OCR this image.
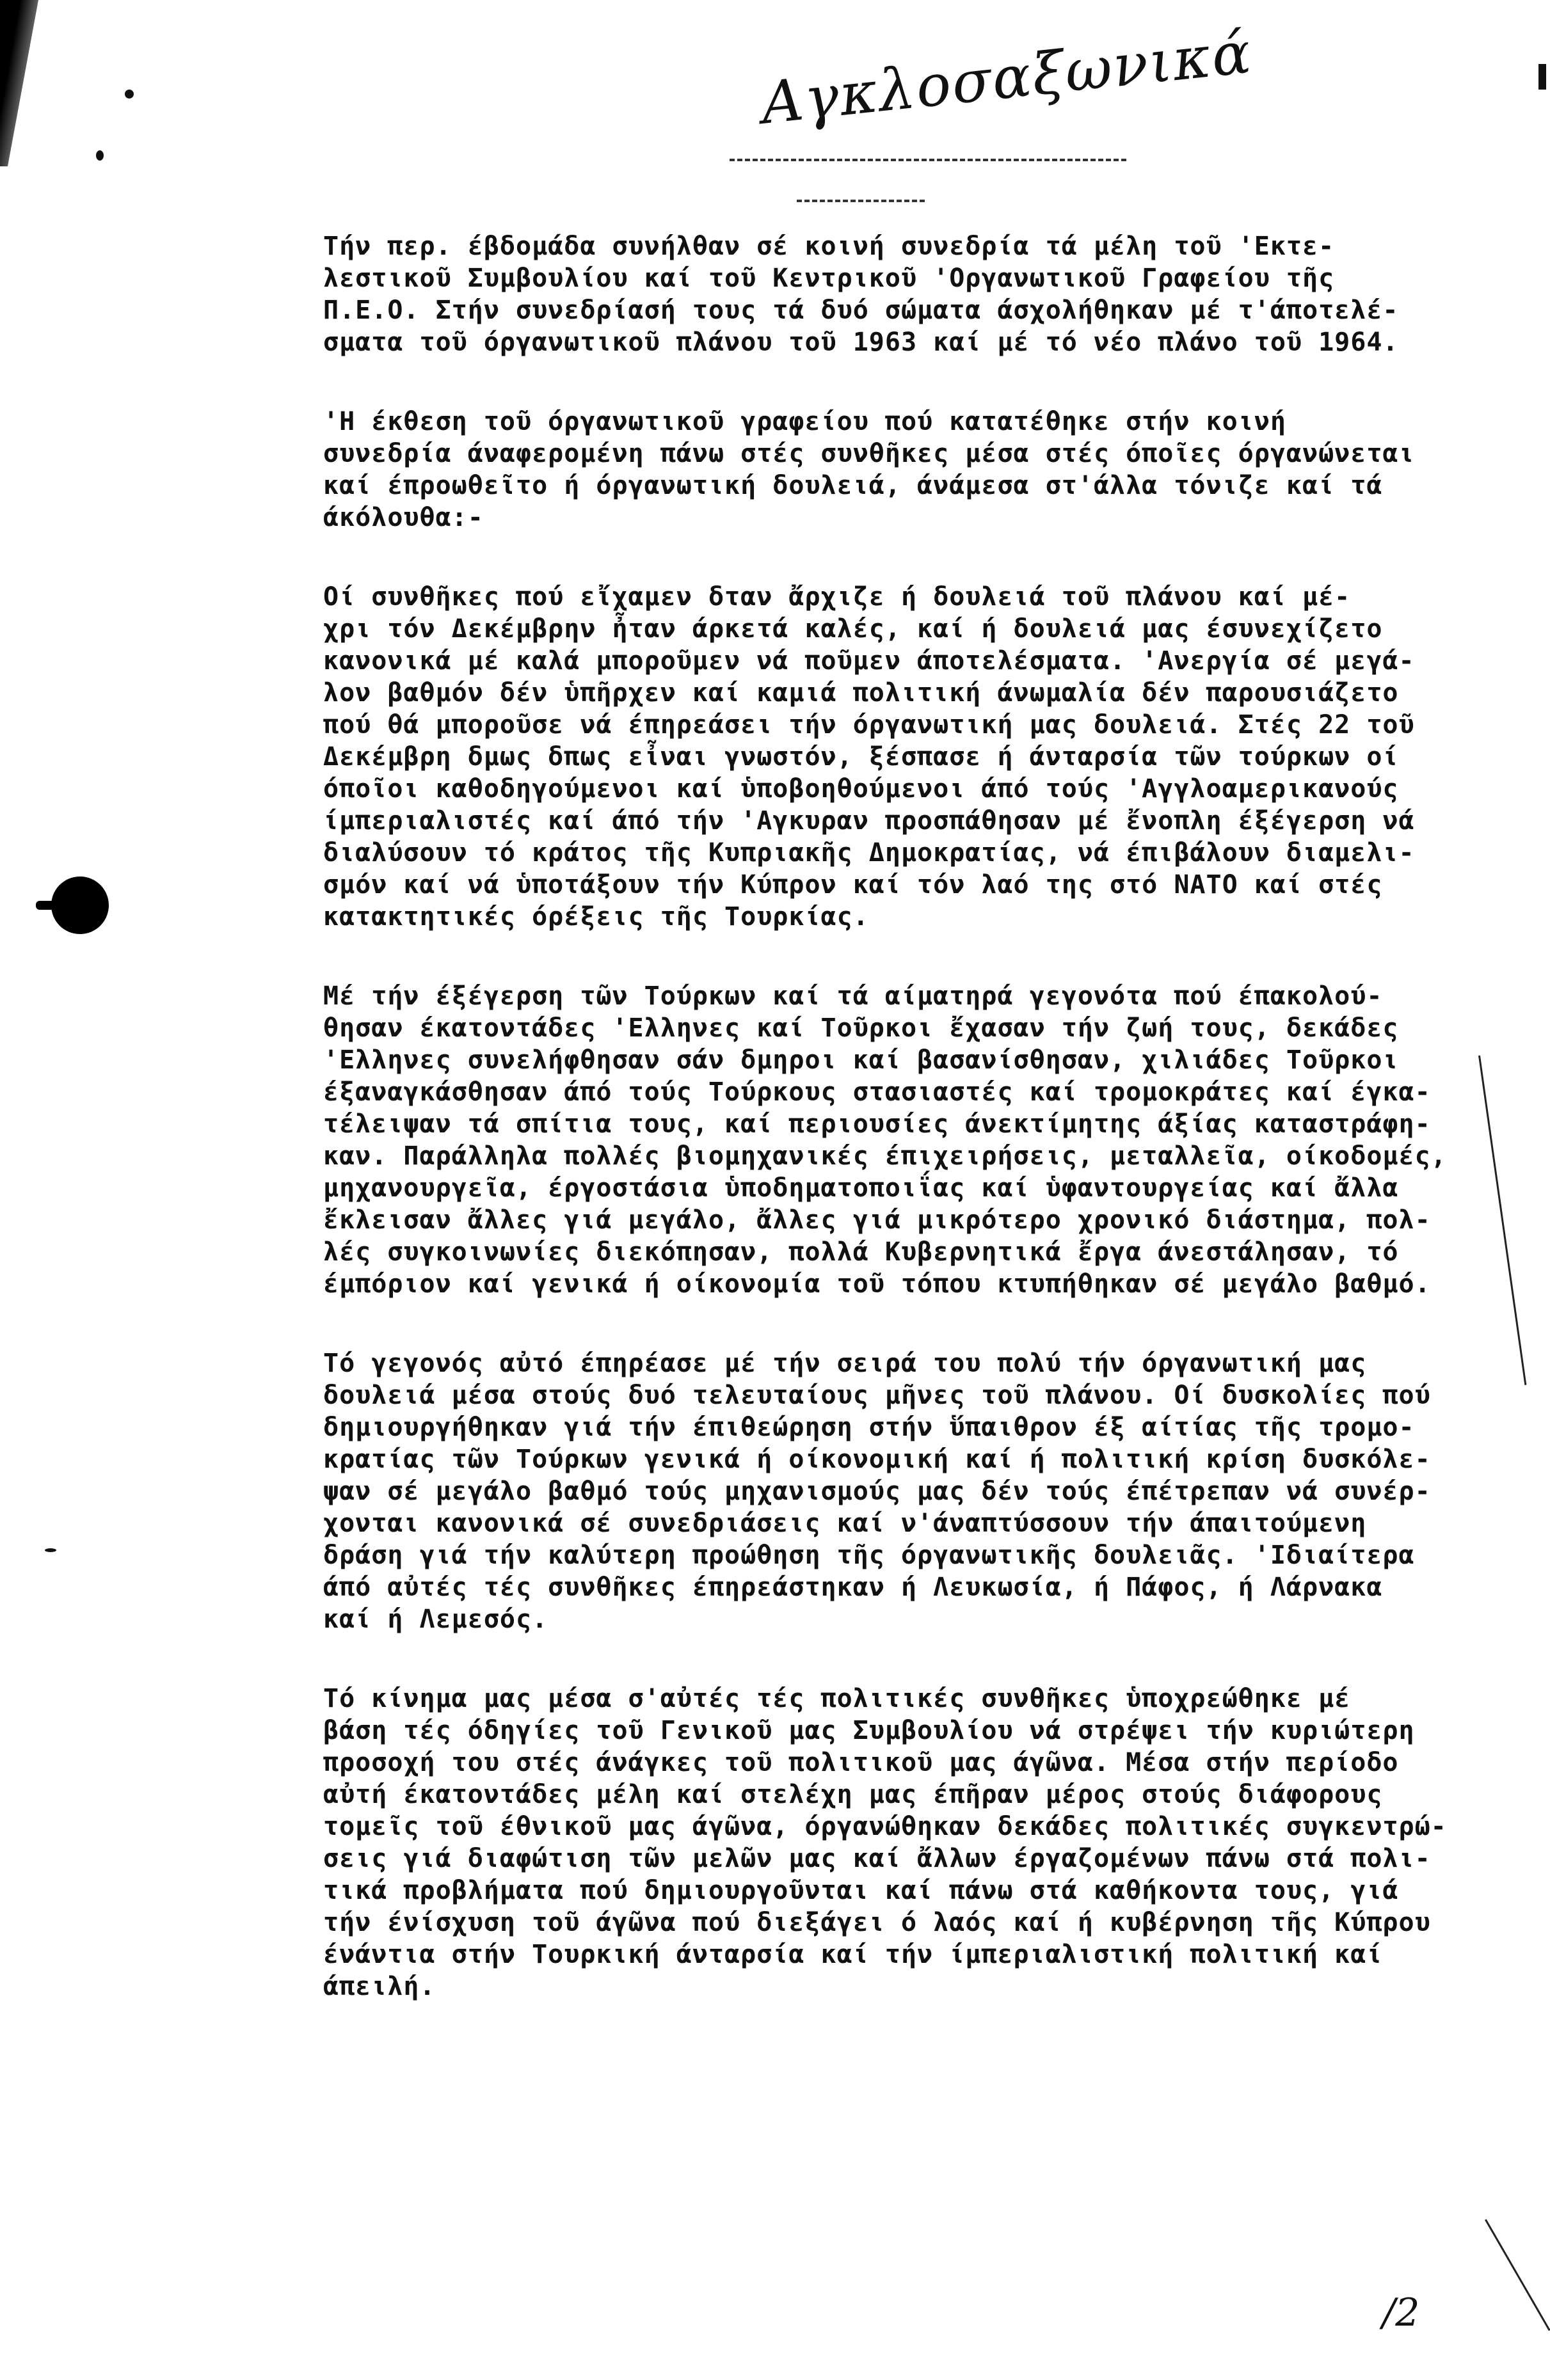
Αγκλοσαξωνικά
Τήν περ. έβδομάδα συνήλθαν σέ κοινή συνεδρία τά μέλη τοῦ 'Εκτε-
λεστικοῦ Συμβουλίου καί τοῦ Κεντρικοῦ 'Οργανωτικοῦ Γραφείου τῆς
Π.Ε.Ο. Στήν συνεδρίασή τους τά δυό σώματα άσχολήθηκαν μέ τ'άποτελέ-
σματα τοῦ όργανωτικοῦ πλάνου τοῦ 1963 καί μέ τό νέο πλάνο τοῦ 1964.
'Η έκθεση τοῦ όργανωτικοῦ γραφείου πού κατατέθηκε στήν κοινή
συνεδρία άναφερομένη πάνω στές συνθῆκες μέσα στές όποῖες όργανώνεται
καί έπροωθεῖτο ή όργανωτική δουλειά, άνάμεσα στ'άλλα τόνιζε καί τά
άκόλουθα:-
Οί συνθῆκες πού εἴχαμεν δταν ἄρχιζε ή δουλειά τοῦ πλάνου καί μέ-
χρι τόν Δεκέμβρην ἦταν άρκετά καλές, καί ή δουλειά μας έσυνεχίζετο
κανονικά μέ καλά μποροῦμεν νά ποῦμεν άποτελέσματα. 'Ανεργία σέ μεγά-
λον βαθμόν δέν ὑπῆρχεν καί καμιά πολιτική άνωμαλία δέν παρουσιάζετο
πού θά μποροῦσε νά έπηρεάσει τήν όργανωτική μας δουλειά. Στές 22 τοῦ
Δεκέμβρη δμως δπως εἶναι γνωστόν, ξέσπασε ή άνταρσία τῶν τούρκων οί
όποῖοι καθοδηγούμενοι καί ὑποβοηθούμενοι άπό τούς 'Αγγλοαμερικανούς
ίμπεριαλιστές καί άπό τήν 'Αγκυραν προσπάθησαν μέ ἔνοπλη έξέγερση νά
διαλύσουν τό κράτος τῆς Κυπριακῆς Δημοκρατίας, νά έπιβάλουν διαμελι-
σμόν καί νά ὑποτάξουν τήν Κύπρον καί τόν λαό της στό ΝΑΤΟ καί στές
κατακτητικές όρέξεις τῆς Τουρκίας.
Μέ τήν έξέγερση τῶν Τούρκων καί τά αίματηρά γεγονότα πού έπακολού-
θησαν έκατοντάδες 'Ελληνες καί Τοῦρκοι ἔχασαν τήν ζωή τους, δεκάδες
'Ελληνες συνελήφθησαν σάν δμηροι καί βασανίσθησαν, χιλιάδες Τοῦρκοι
έξαναγκάσθησαν άπό τούς Τούρκους στασιαστές καί τρομοκράτες καί έγκα-
τέλειψαν τά σπίτια τους, καί περιουσίες άνεκτίμητης άξίας καταστράφη-
καν. Παράλληλα πολλές βιομηχανικές έπιχειρήσεις, μεταλλεῖα, οίκοδομές,
μηχανουργεῖα, έργοστάσια ὑποδηματοποιΐας καί ὑφαντουργείας καί ἄλλα
ἔκλεισαν ἄλλες γιά μεγάλο, ἄλλες γιά μικρότερο χρονικό διάστημα, πολ-
λές συγκοινωνίες διεκόπησαν, πολλά Κυβερνητικά ἔργα άνεστάλησαν, τό
έμπόριον καί γενικά ή οίκονομία τοῦ τόπου κτυπήθηκαν σέ μεγάλο βαθμό.
Τό γεγονός αὐτό έπηρέασε μέ τήν σειρά του πολύ τήν όργανωτική μας
δουλειά μέσα στούς δυό τελευταίους μῆνες τοῦ πλάνου. Οί δυσκολίες πού
δημιουργήθηκαν γιά τήν έπιθεώρηση στήν ὕπαιθρον έξ αίτίας τῆς τρομο-
κρατίας τῶν Τούρκων γενικά ή οίκονομική καί ή πολιτική κρίση δυσκόλε-
ψαν σέ μεγάλο βαθμό τούς μηχανισμούς μας δέν τούς έπέτρεπαν νά συνέρ-
χονται κανονικά σέ συνεδριάσεις καί ν'άναπτύσσουν τήν άπαιτούμενη
δράση γιά τήν καλύτερη προώθηση τῆς όργανωτικῆς δουλειᾶς. 'Ιδιαίτερα
άπό αὐτές τές συνθῆκες έπηρεάστηκαν ή Λευκωσία, ή Πάφος, ή Λάρνακα
καί ή Λεμεσός.
Τό κίνημα μας μέσα σ'αὐτές τές πολιτικές συνθῆκες ὑποχρεώθηκε μέ
βάση τές όδηγίες τοῦ Γενικοῦ μας Συμβουλίου νά στρέψει τήν κυριώτερη
προσοχή του στές άνάγκες τοῦ πολιτικοῦ μας άγῶνα. Μέσα στήν περίοδο
αὐτή έκατοντάδες μέλη καί στελέχη μας έπῆραν μέρος στούς διάφορους
τομεῖς τοῦ έθνικοῦ μας άγῶνα, όργανώθηκαν δεκάδες πολιτικές συγκεντρώ-
σεις γιά διαφώτιση τῶν μελῶν μας καί ἄλλων έργαζομένων πάνω στά πολι-
τικά προβλήματα πού δημιουργοῦνται καί πάνω στά καθήκοντα τους, γιά
τήν ένίσχυση τοῦ άγῶνα πού διεξάγει ό λαός καί ή κυβέρνηση τῆς Κύπρου
ένάντια στήν Τουρκική άνταρσία καί τήν ίμπεριαλιστική πολιτική καί
άπειλή.
/2
